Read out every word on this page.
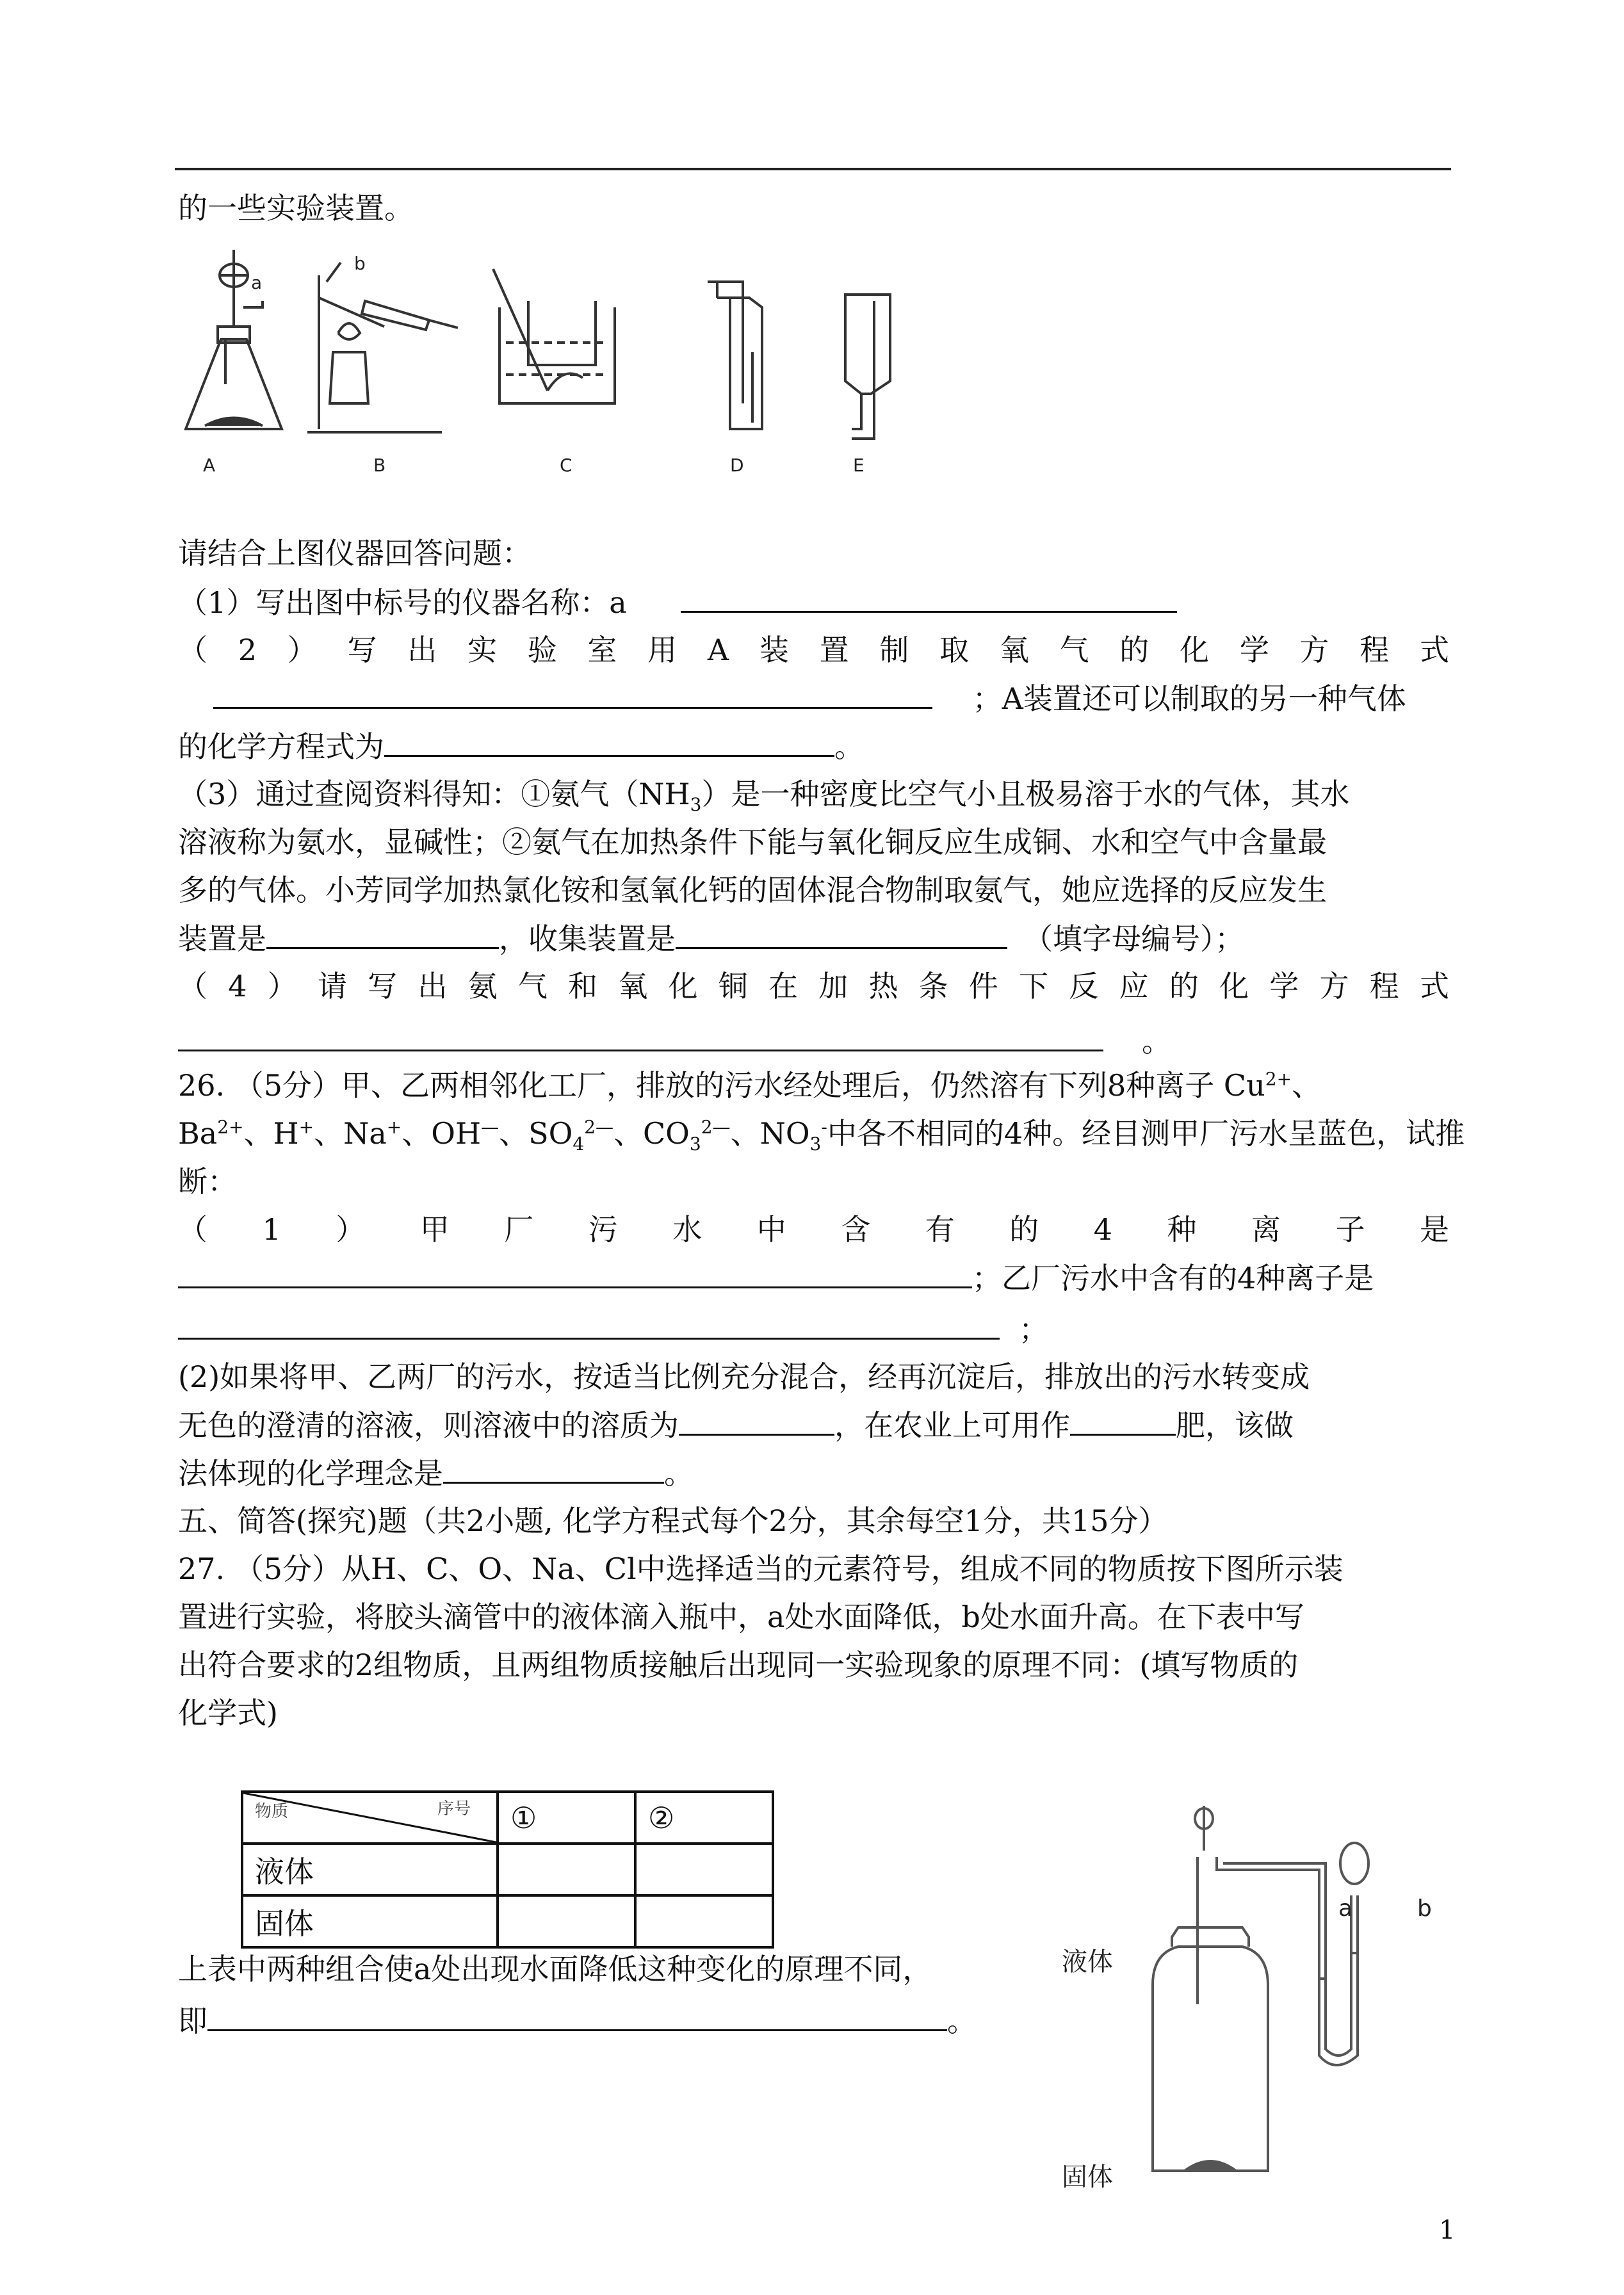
的一些实验装置。
a
b
A	B	C	D	E
请结合上图仪器回答问题：
（1）写出图中标号的仪器名称：a
（2）写出实验室用A装置制取氧气的化学方程式
；A装置还可以制取的另一种气体
的化学方程式为	。
（3）通过查阅资料得知：①氨气$(NH_3)$是一种密度比空气小且极易溶于水的气体，其水
溶液称为氨水，显碱性；②氨气在加热条件下能与氧化铜反应生成铜、水和空气中含量最
多的气体。小芳同学加热氯化铵和氢氧化钙的固体混合物制取氨气，她应选择的反应发生
装置是	，收集装置是	（填字母编号）；
（4）请写出氨气和氧化铜在加热条件下反应的化学方程式
。
26. （5分）甲、乙两相邻化工厂，排放的污水经处理后，仍然溶有下列8种离子 $Cu^{2+}$、
$Ba^{2+}$、H+、Na+、OH—、$SO_4^{2—}$、$CO_3^{2—}$、$NO_3^-$中各不相同的4种。经目测甲厂污水呈蓝色，试推
断：
（1）甲厂污水中含有的4种离子是
；乙厂污水中含有的4种离子是
；
(2)如果将甲、乙两厂的污水，按适当比例充分混合，经再沉淀后，排放出的污水转变成
无色的澄清的溶液，则溶液中的溶质为	，在农业上可用作	肥，该做
法体现的化学理念是	。
五、简答(探究)题（共2小题, 化学方程式每个2分，其余每空1分，共15分）
27. （5分）从H、C、O、Na、Cl中选择适当的元素符号，组成不同的物质按下图所示装
置进行实验，将胶头滴管中的液体滴入瓶中，a处水面降低，b处水面升高。在下表中写
出符合要求的2组物质，且两组物质接触后出现同一实验现象的原理不同：(填写物质的
化学式)
物质 序号	①	②
液体		
固体			a	b
液体
固体
上表中两种组合使a处出现水面降低这种变化的原理不同，
即	。
1
